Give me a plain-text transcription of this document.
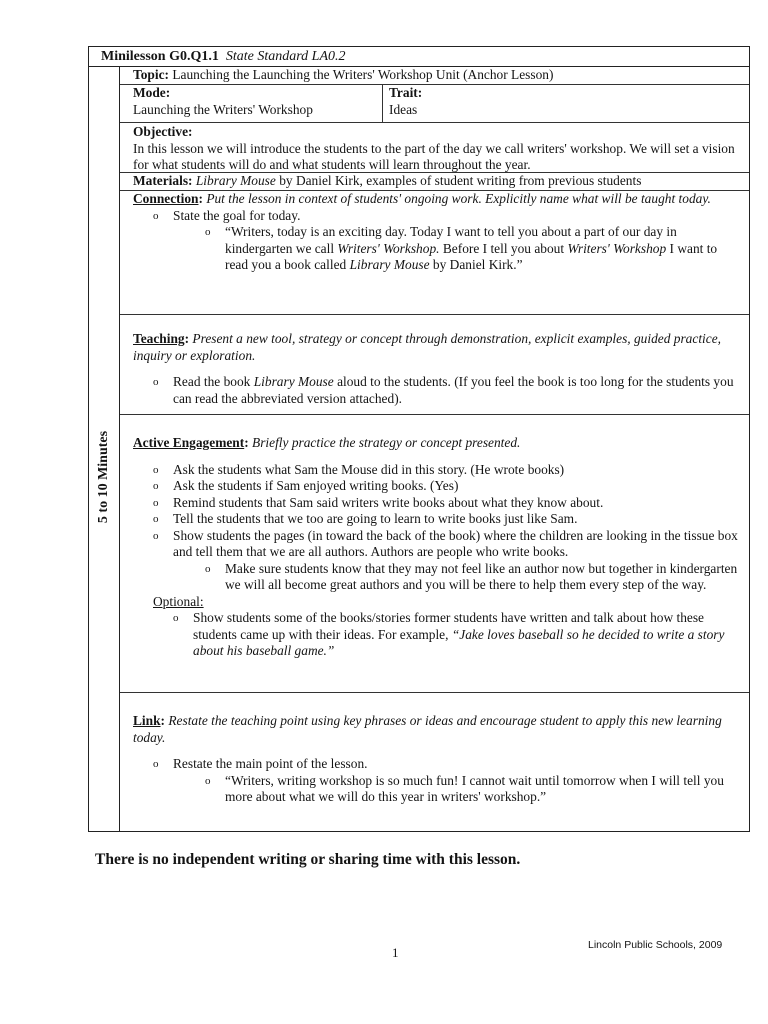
Minilesson G0.Q1.1 State Standard LA0.2
5 to 10 Minutes
Topic: Launching the Launching the Writers' Workshop Unit (Anchor Lesson)
Mode:
Launching the Writers' Workshop
Trait:
Ideas
Objective:
In this lesson we will introduce the students to the part of the day we call writers' workshop. We will set a vision for what students will do and what students will learn throughout the year.
Materials: Library Mouse by Daniel Kirk, examples of student writing from previous students
Connection: Put the lesson in context of students' ongoing work. Explicitly name what will be taught today.
o State the goal for today.
o “Writers, today is an exciting day. Today I want to tell you about a part of our day in kindergarten we call Writers' Workshop. Before I tell you about Writers' Workshop I want to read you a book called Library Mouse by Daniel Kirk.”
Teaching: Present a new tool, strategy or concept through demonstration, explicit examples, guided practice, inquiry or exploration.
o Read the book Library Mouse aloud to the students. (If you feel the book is too long for the students you can read the abbreviated version attached).
Active Engagement: Briefly practice the strategy or concept presented.
o Ask the students what Sam the Mouse did in this story. (He wrote books)
o Ask the students if Sam enjoyed writing books. (Yes)
o Remind students that Sam said writers write books about what they know about.
o Tell the students that we too are going to learn to write books just like Sam.
o Show students the pages (in toward the back of the book) where the children are looking in the tissue box and tell them that we are all authors. Authors are people who write books.
o Make sure students know that they may not feel like an author now but together in kindergarten we will all become great authors and you will be there to help them every step of the way.
Optional:
o Show students some of the books/stories former students have written and talk about how these students came up with their ideas. For example, “Jake loves baseball so he decided to write a story about his baseball game.”
Link: Restate the teaching point using key phrases or ideas and encourage student to apply this new learning today.
o Restate the main point of the lesson.
o “Writers, writing workshop is so much fun! I cannot wait until tomorrow when I will tell you more about what we will do this year in writers' workshop.”
There is no independent writing or sharing time with this lesson.
1	Lincoln Public Schools, 2009
